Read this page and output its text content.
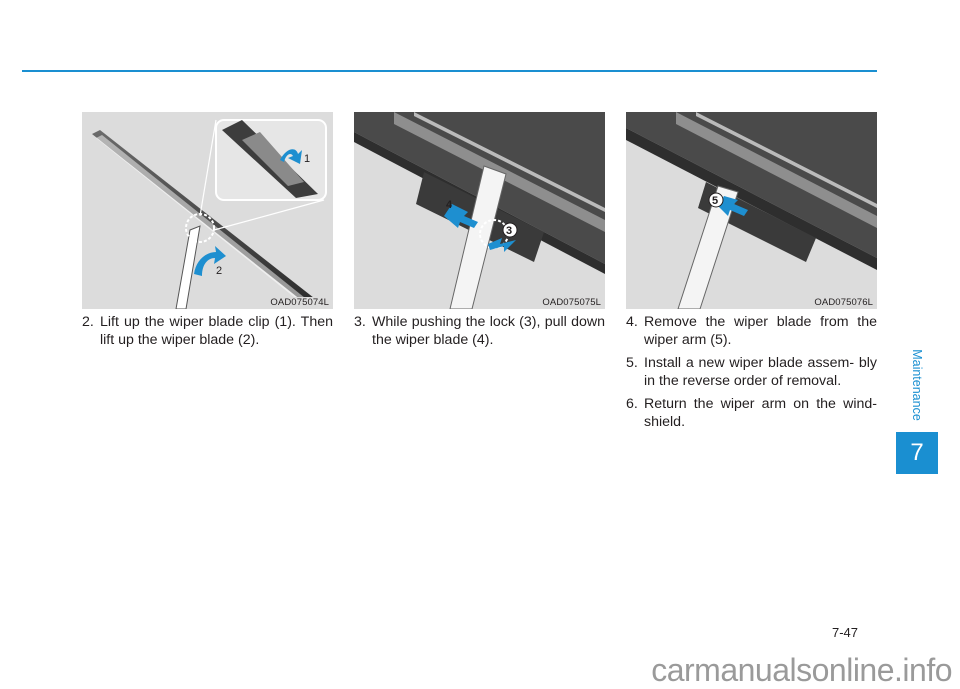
1
2
OAD075074L
4
3
OAD075075L
5
OAD075076L

2. Lift up the wiper blade clip (1). Then lift up the wiper blade (2).

3. While pushing the lock (3), pull down the wiper blade (4).

4. Remove the wiper blade from the wiper arm (5).

5. Install a new wiper blade assem- bly in the reverse order of removal.

6. Return the wiper arm on the wind- shield.

Maintenance
7
7-47
carmanualsonline.info
